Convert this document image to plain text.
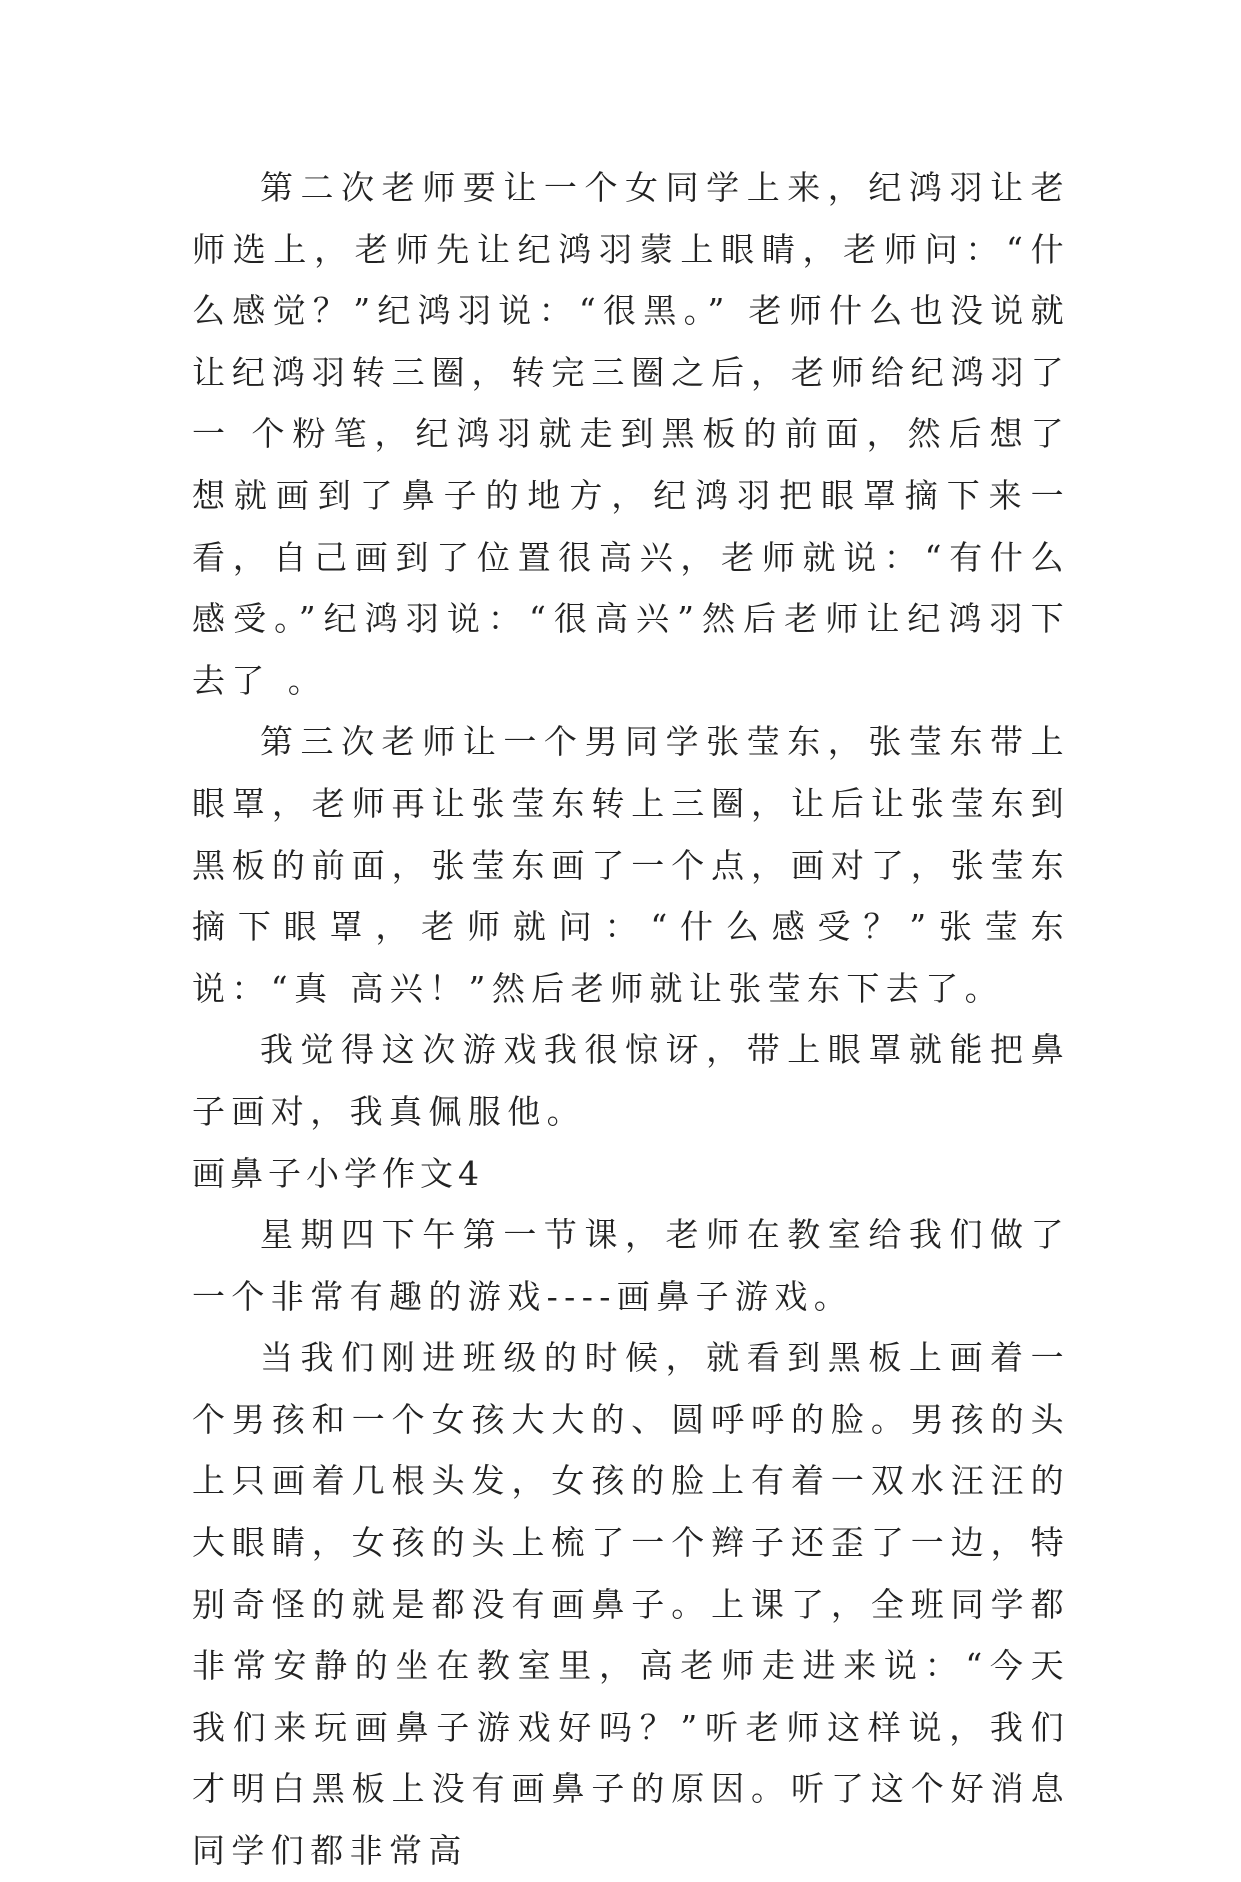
第二次老师要让一个女同学上来，纪鸿羽让老师选上，老师先让纪鸿羽蒙上眼睛，老师问：“什么感觉？”纪鸿羽说：“很黑。” 老师什么也没说就让纪鸿羽转三圈，转完三圈之后，老师给纪鸿羽了一 个粉笔，纪鸿羽就走到黑板的前面，然后想了想就画到了鼻子的地方，纪鸿羽把眼罩摘下来一看，自己画到了位置很高兴，老师就说：“有什么感受。”纪鸿羽说：“很高兴”然后老师让纪鸿羽下去了 。

第三次老师让一个男同学张莹东，张莹东带上眼罩，老师再让张莹东转上三圈，让后让张莹东到黑板的前面，张莹东画了一个点，画对了，张莹东摘下眼罩，老师就问：“什么感受？”张莹东说：“真 高兴！”然后老师就让张莹东下去了。

我觉得这次游戏我很惊讶，带上眼罩就能把鼻子画对，我真佩服他。

画鼻子小学作文4

星期四下午第一节课，老师在教室给我们做了一个非常有趣的游戏----画鼻子游戏。

当我们刚进班级的时候，就看到黑板上画着一个男孩和一个女孩大大的、圆呼呼的脸。男孩的头上只画着几根头发，女孩的脸上有着一双水汪汪的大眼睛，女孩的头上梳了一个辫子还歪了一边，特别奇怪的就是都没有画鼻子。上课了，全班同学都非常安静的坐在教室里，高老师走进来说：“今天我们来玩画鼻子游戏好吗？”听老师这样说，我们才明白黑板上没有画鼻子的原因。听了这个好消息同学们都非常高
